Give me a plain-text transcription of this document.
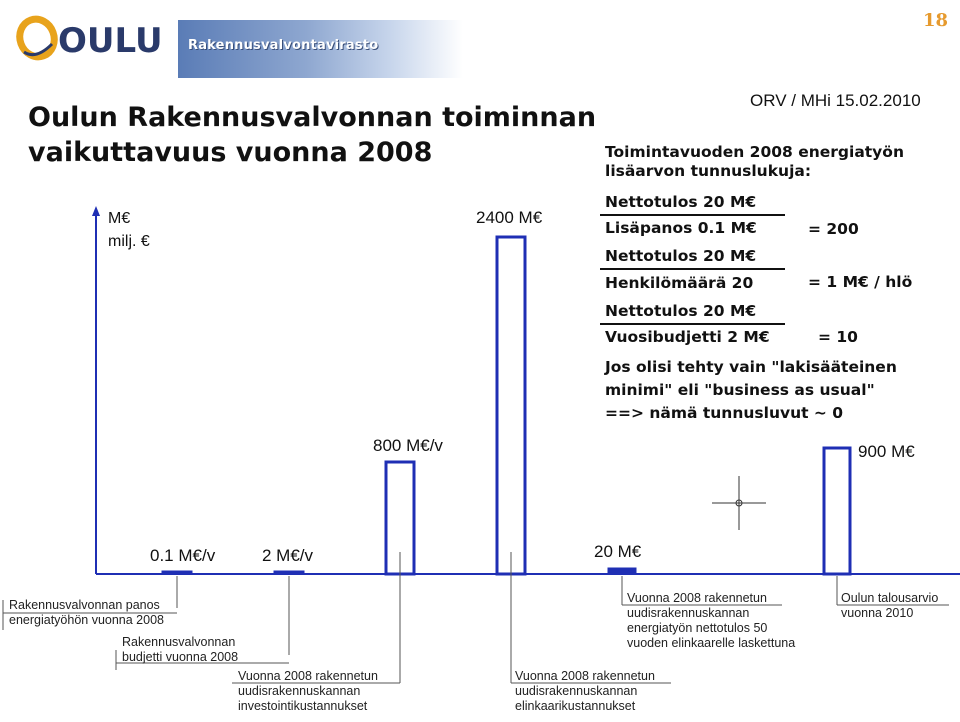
OULU Rakennusvalvontavirasto
18
ORV / MHi 15.02.2010
Oulun Rakennusvalvonnan toiminnan
vaikuttavuus vuonna 2008	Toimintavuoden 2008 energiatyön
lisäarvon tunnuslukuja:
Nettotulos 20 M€
Lisäpanos 0.1 M€	= 200
Nettotulos 20 M€
Henkilömäärä 20	= 1 M€ / hlö
Nettotulos 20 M€
Vuosibudjetti 2 M€	= 10
Jos olisi tehty vain "lakisääteinen
minimi" eli "business as usual"
==> nämä tunnusluvut ~ 0
M€
milj. €
0.1 M€/v
Rakennusvalvonnan panos
energiatyöhön vuonna 2008
2 M€/v
Rakennusvalvonnan
budjetti vuonna 2008
800 M€/v
Vuonna 2008 rakennetun
uudisrakennuskannan
investointikustannukset
2400 M€
Vuonna 2008 rakennetun
uudisrakennuskannan
elinkaarikustannukset
20 M€
Vuonna 2008 rakennetun
uudisrakennuskannan
energiatyön nettotulos 50
vuoden elinkaarelle laskettuna
900 M€
Oulun talousarvio
vuonna 2010
